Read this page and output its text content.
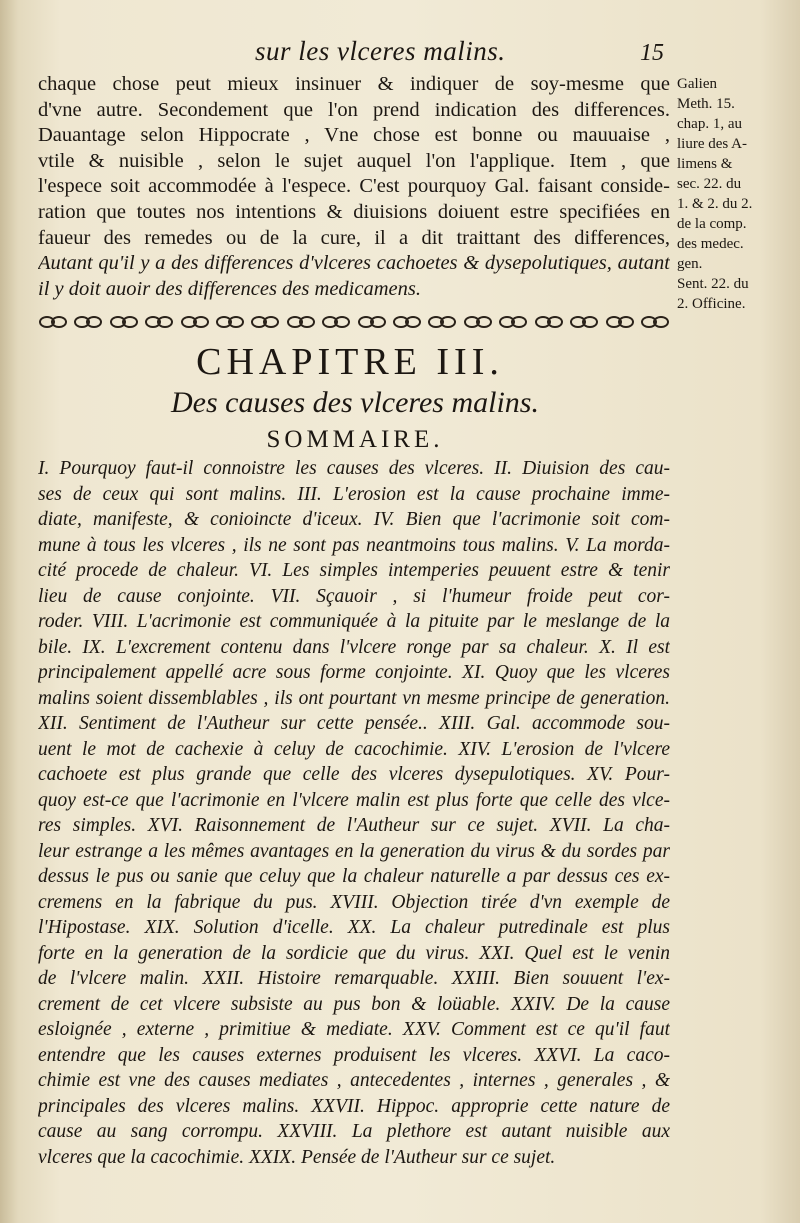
sur les vlceres malins.	15
chaque chose peut mieux insinuer & indiquer de soy-mesme que
d'vne autre. Secondement que l'on prend indication des differences.
Dauantage selon Hippocrate , Vne chose est bonne ou mauuaise ,
vtile & nuisible , selon le sujet auquel l'on l'applique. Item , que
l'espece soit accommodée à l'espece. C'est pourquoy Gal. faisant conside-
ration que toutes nos intentions & diuisions doiuent estre specifiées en
faueur des remedes ou de la cure, il a dit traittant des differences,
Autant qu'il y a des differences d'vlceres cachoetes & dysepolutiques, autant
il y doit auoir des differences des medicamens.
Galien
Meth. 15.
chap. 1, au
liure des A-
limens &
sec. 22. du
1. & 2. du 2.
de la comp.
des medec.
gen.
Sent. 22. du
2. Officine.
CHAPITRE III.
Des causes des vlceres malins.
SOMMAIRE.
I. Pourquoy faut-il connoistre les causes des vlceres. II. Diuision des cau-
ses de ceux qui sont malins. III. L'erosion est la cause prochaine imme-
diate, manifeste, & conioincte d'iceux. IV. Bien que l'acrimonie soit com-
mune à tous les vlceres , ils ne sont pas neantmoins tous malins. V. La morda-
cité procede de chaleur. VI. Les simples intemperies peuuent estre & tenir
lieu de cause conjointe. VII. Sçauoir , si l'humeur froide peut cor-
roder. VIII. L'acrimonie est communiquée à la pituite par le meslange de la
bile. IX. L'excrement contenu dans l'vlcere ronge par sa chaleur. X. Il est
principalement appellé acre sous forme conjointe. XI. Quoy que les vlceres
malins soient dissemblables , ils ont pourtant vn mesme principe de generation.
XII. Sentiment de l'Autheur sur cette pensée.. XIII. Gal. accommode sou-
uent le mot de cachexie à celuy de cacochimie. XIV. L'erosion de l'vlcere
cachoete est plus grande que celle des vlceres dysepulotiques. XV. Pour-
quoy est-ce que l'acrimonie en l'vlcere malin est plus forte que celle des vlce-
res simples. XVI. Raisonnement de l'Autheur sur ce sujet. XVII. La cha-
leur estrange a les mêmes avantages en la generation du virus & du sordes par
dessus le pus ou sanie que celuy que la chaleur naturelle a par dessus ces ex-
cremens en la fabrique du pus. XVIII. Objection tirée d'vn exemple de
l'Hipostase. XIX. Solution d'icelle. XX. La chaleur putredinale est plus
forte en la generation de la sordicie que du virus. XXI. Quel est le venin
de l'vlcere malin. XXII. Histoire remarquable. XXIII. Bien souuent l'ex-
crement de cet vlcere subsiste au pus bon & loüable. XXIV. De la cause
esloignée , externe , primitiue & mediate. XXV. Comment est ce qu'il faut
entendre que les causes externes produisent les vlceres. XXVI. La caco-
chimie est vne des causes mediates , antecedentes , internes , generales , &
principales des vlceres malins. XXVII. Hippoc. approprie cette nature de
cause au sang corrompu. XXVIII. La plethore est autant nuisible aux
vlceres que la cacochimie. XXIX. Pensée de l'Autheur sur ce sujet.
